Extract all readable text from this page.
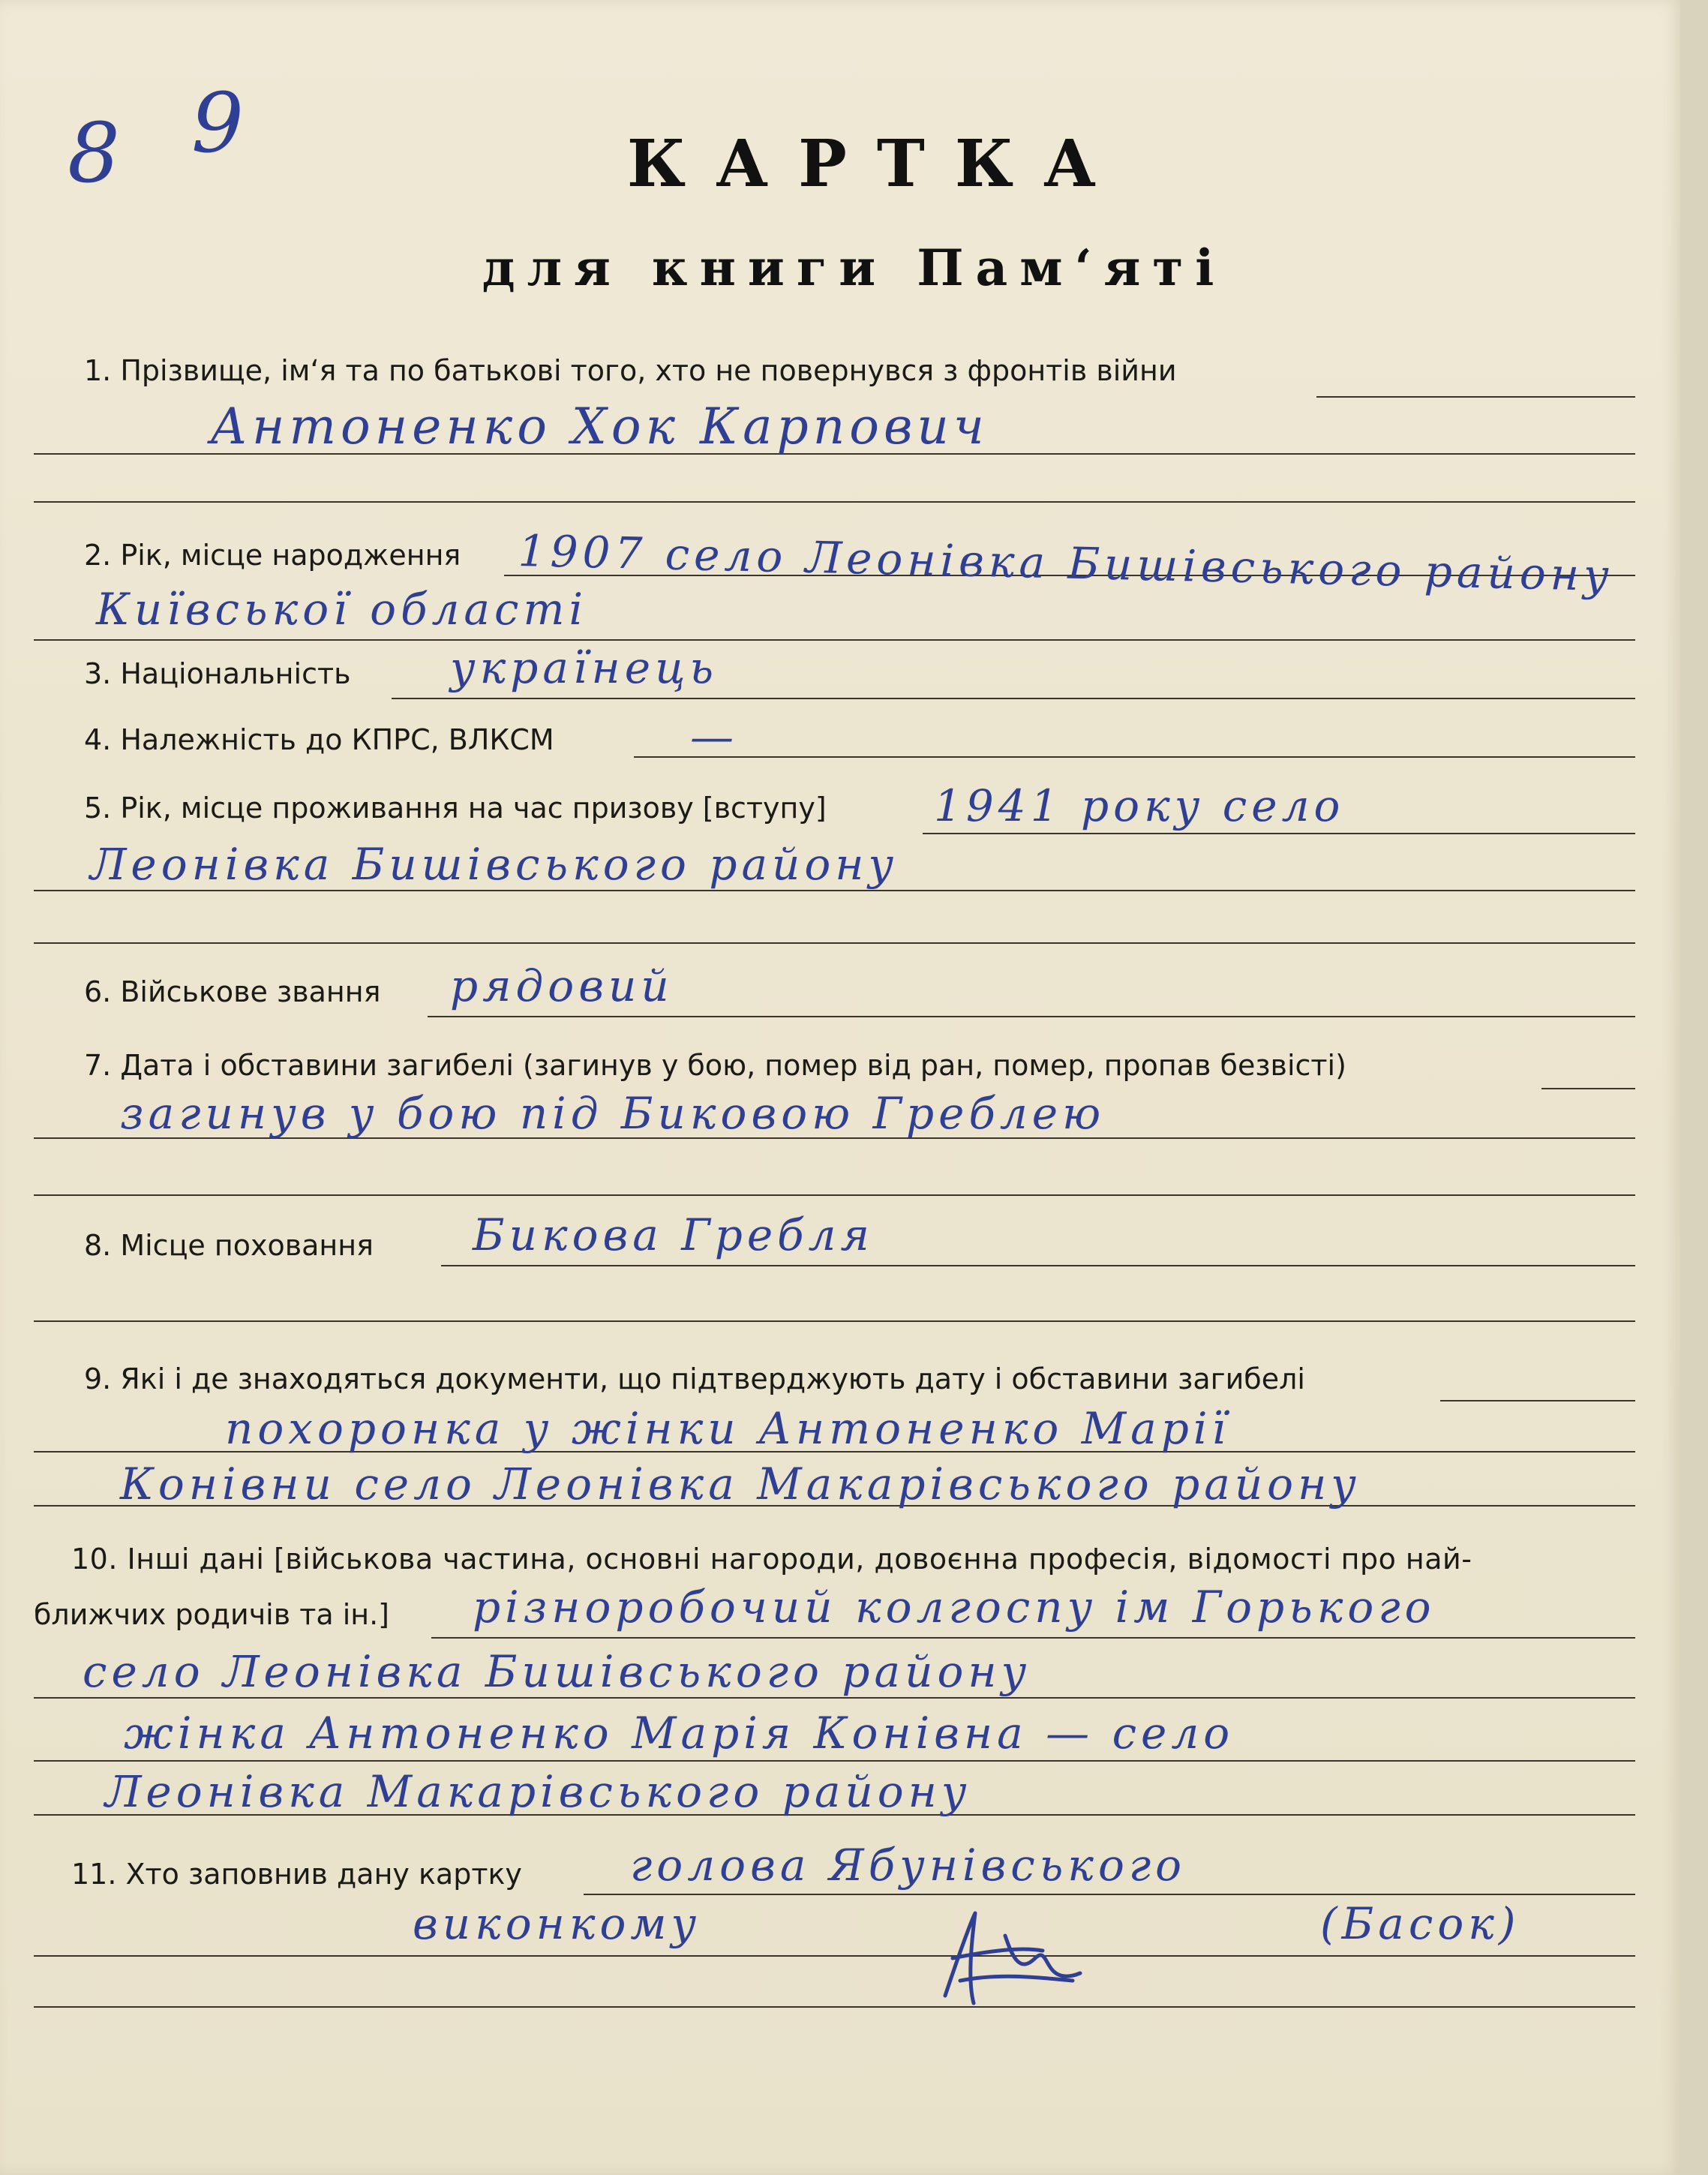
8 9	КАРТКА
для книги Пам‘яті
1. Прізвище, ім‘я та по батькові того, хто не повернувся з фронтів війни
Антоненко Хок Карпович
2. Рік, місце народження 1907 село Леонівка Бишівського району
Київської області
3. Національність українець
4. Належність до КПРС, ВЛКСМ	—
5. Рік, місце проживання на час призову [вступу] 1941 року село
Леонівка Бишівського району
6. Військове звання рядовий
7. Дата і обставини загибелі (загинув у бою, помер від ран, помер, пропав безвісті)
загинув у бою під Биковою Греблею
8. Місце поховання Бикова Гребля
9. Які і де знаходяться документи, що підтверджують дату і обставини загибелі
похоронка у жінки Антоненко Марії
Конівни село Леонівка Макарівського району
10. Інші дані [військова частина, основні нагороди, довоєнна професія, відомості про най-
ближчих родичів та ін.] різноробочий колгоспу ім Горького
село Леонівка Бишівського району
жінка Антоненко Марія Конівна — село
Леонівка Макарівського району
11. Хто заповнив дану картку голова Ябунівського
виконкому	(Басок)
